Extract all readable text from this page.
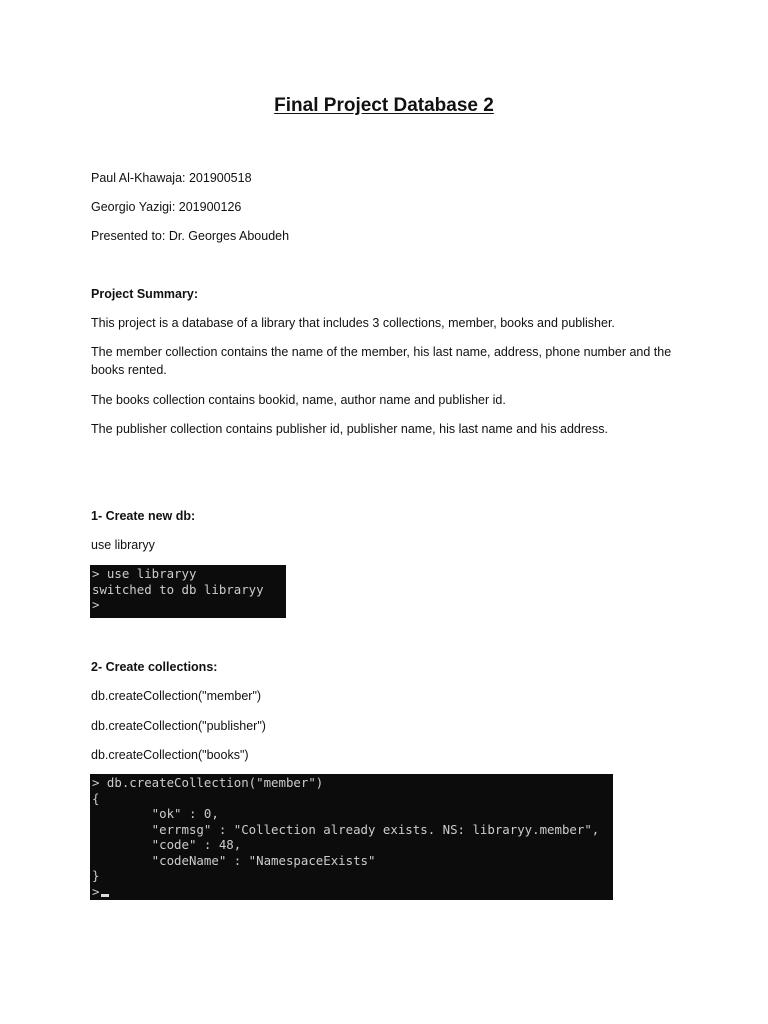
Final Project Database 2

Paul Al-Khawaja: 201900518

Georgio Yazigi: 201900126

Presented to: Dr. Georges Aboudeh

Project Summary:

This project is a database of a library that includes 3 collections, member, books and publisher.

The member collection contains the name of the member, his last name, address, phone number and the books rented.

The books collection contains bookid, name, author name and publisher id.

The publisher collection contains publisher id, publisher name, his last name and his address.

1- Create new db:

use libraryy

> use libraryy
switched to db libraryy
>

2- Create collections:

db.createCollection("member")

db.createCollection("publisher")

db.createCollection("books")

> db.createCollection("member")
{
"ok" : 0,
"errmsg" : "Collection already exists. NS: libraryy.member",
"code" : 48,
"codeName" : "NamespaceExists"
}
>
